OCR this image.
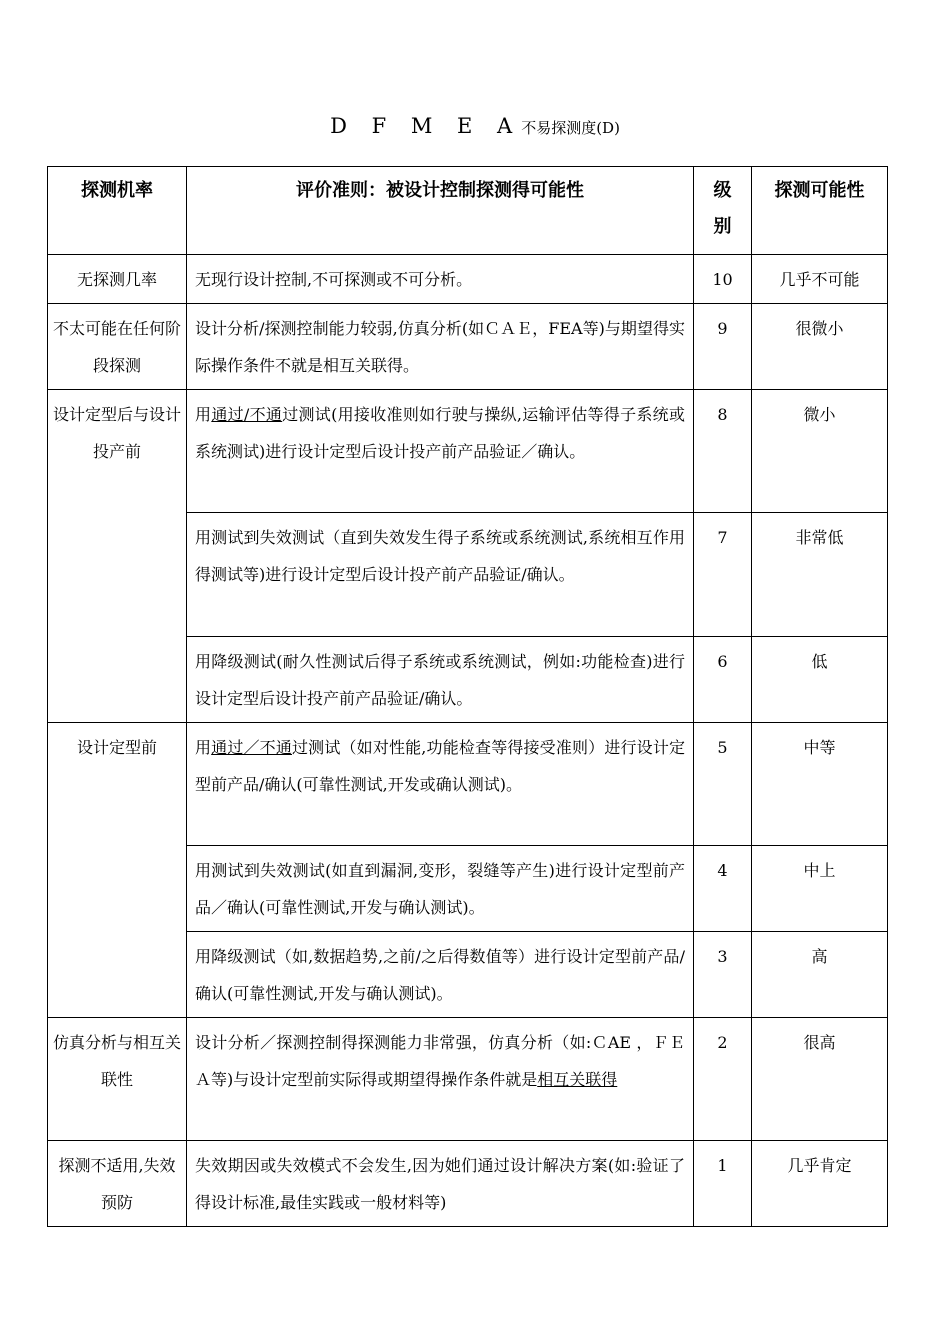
D F M E A不易探测度(D)
探测机率	评价准则：被设计控制探测得可能性	级别	探测可能性
无探测几率	无现行设计控制,不可探测或不可分析。	10	几乎不可能
不太可能在任何阶段探测	设计分析/探测控制能力较弱,仿真分析(如ＣＡＥ，FEA等)与期望得实际操作条件不就是相互关联得。	9	很微小
设计定型后与设计投产前	用通过/不通过测试(用接收准则如行驶与操纵,运输评估等得子系统或系统测试)进行设计定型后设计投产前产品验证／确认。	8	微小
	用测试到失效测试（直到失效发生得子系统或系统测试,系统相互作用得测试等)进行设计定型后设计投产前产品验证/确认。	7	非常低
	用降级测试(耐久性测试后得子系统或系统测试，例如:功能检查)进行设计定型后设计投产前产品验证/确认。	6	低
设计定型前	用通过／不通过测试（如对性能,功能检查等得接受准则）进行设计定型前产品/确认(可靠性测试,开发或确认测试)。	5	中等
	用测试到失效测试(如直到漏洞,变形，裂缝等产生)进行设计定型前产品／确认(可靠性测试,开发与确认测试)。	4	中上
	用降级测试（如,数据趋势,之前/之后得数值等）进行设计定型前产品/确认(可靠性测试,开发与确认测试)。	3	高
仿真分析与相互关联性	设计分析／探测控制得探测能力非常强，仿真分析（如:ＣAE ，ＦＥＡ等)与设计定型前实际得或期望得操作条件就是相互关联得	2	很高
探测不适用,失效预防	失效期因或失效模式不会发生,因为她们通过设计解决方案(如:验证了得设计标准,最佳实践或一般材料等)	1	几乎肯定
